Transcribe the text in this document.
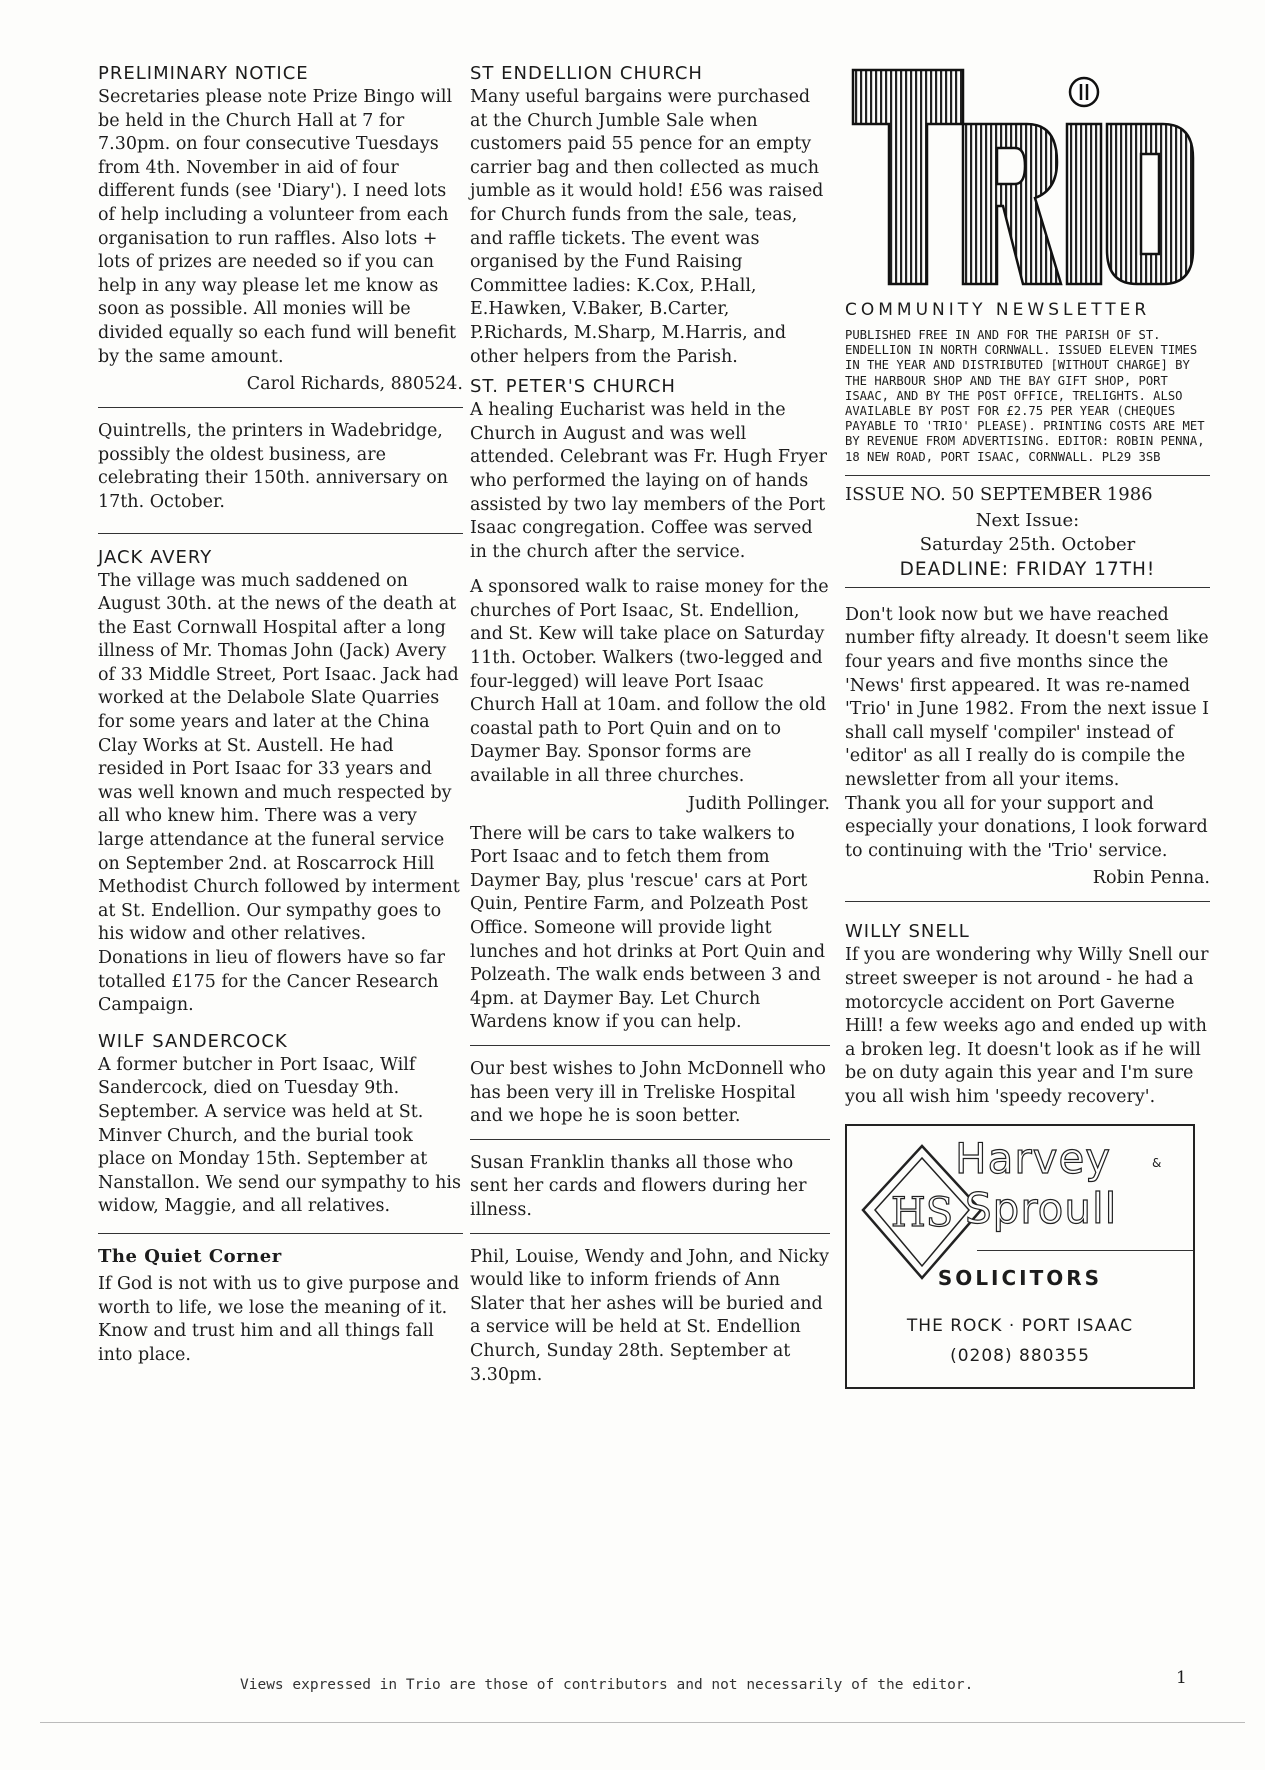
PRELIMINARY NOTICE

Secretaries please note Prize Bingo will be held in the Church Hall at 7 for 7.30pm. on four consecutive Tuesdays from 4th. November in aid of four different funds (see 'Diary'). I need lots of help including a volunteer from each organisation to run raffles. Also lots + lots of prizes are needed so if you can help in any way please let me know as soon as possible. All monies will be divided equally so each fund will benefit by the same amount.

Carol Richards, 880524.

Quintrells, the printers in Wadebridge, possibly the oldest business, are celebrating their 150th. anniversary on 17th. October.

JACK AVERY

The village was much saddened on August 30th. at the news of the death at the East Cornwall Hospital after a long illness of Mr. Thomas John (Jack) Avery of 33 Middle Street, Port Isaac. Jack had worked at the Delabole Slate Quarries for some years and later at the China Clay Works at St. Austell. He had resided in Port Isaac for 33 years and was well known and much respected by all who knew him. There was a very large attendance at the funeral service on September 2nd. at Roscarrock Hill Methodist Church followed by interment at St. Endellion. Our sympathy goes to his widow and other relatives.

Donations in lieu of flowers have so far totalled £175 for the Cancer Research Campaign.

WILF SANDERCOCK

A former butcher in Port Isaac, Wilf Sandercock, died on Tuesday 9th. September. A service was held at St. Minver Church, and the burial took place on Monday 15th. September at Nanstallon. We send our sympathy to his widow, Maggie, and all relatives.

The Quiet Corner

If God is not with us to give purpose and worth to life, we lose the meaning of it. Know and trust him and all things fall into place.

ST ENDELLION CHURCH

Many useful bargains were purchased at the Church Jumble Sale when customers paid 55 pence for an empty carrier bag and then collected as much jumble as it would hold! £56 was raised for Church funds from the sale, teas, and raffle tickets. The event was organised by the Fund Raising Committee ladies: K.Cox, P.Hall, E.Hawken, V.Baker, B.Carter, P.Richards, M.Sharp, M.Harris, and other helpers from the Parish.

ST. PETER'S CHURCH

A healing Eucharist was held in the Church in August and was well attended. Celebrant was Fr. Hugh Fryer who performed the laying on of hands assisted by two lay members of the Port Isaac congregation. Coffee was served in the church after the service.

A sponsored walk to raise money for the churches of Port Isaac, St. Endellion, and St. Kew will take place on Saturday 11th. October. Walkers (two-legged and four-legged) will leave Port Isaac Church Hall at 10am. and follow the old coastal path to Port Quin and on to Daymer Bay. Sponsor forms are available in all three churches.

Judith Pollinger.

There will be cars to take walkers to Port Isaac and to fetch them from Daymer Bay, plus 'rescue' cars at Port Quin, Pentire Farm, and Polzeath Post Office. Someone will provide light lunches and hot drinks at Port Quin and Polzeath. The walk ends between 3 and 4pm. at Daymer Bay. Let Church Wardens know if you can help.

Our best wishes to John McDonnell who has been very ill in Treliske Hospital and we hope he is soon better.

Susan Franklin thanks all those who sent her cards and flowers during her illness.

Phil, Louise, Wendy and John, and Nicky would like to inform friends of Ann Slater that her ashes will be buried and a service will be held at St. Endellion Church, Sunday 28th. September at 3.30pm.

COMMUNITY NEWSLETTER
PUBLISHED FREE IN AND FOR THE PARISH OF ST. ENDELLION IN NORTH CORNWALL. ISSUED ELEVEN TIMES IN THE YEAR AND DISTRIBUTED [WITHOUT CHARGE] BY THE HARBOUR SHOP AND THE BAY GIFT SHOP, PORT ISAAC, AND BY THE POST OFFICE, TRELIGHTS. ALSO AVAILABLE BY POST FOR £2.75 PER YEAR (CHEQUES PAYABLE TO 'TRIO' PLEASE). PRINTING COSTS ARE MET BY REVENUE FROM ADVERTISING. EDITOR: ROBIN PENNA, 18 NEW ROAD, PORT ISAAC, CORNWALL. PL29 3SB
ISSUE NO. 50 SEPTEMBER 1986
Next Issue:
Saturday 25th. October
DEADLINE: FRIDAY 17TH!

Don't look now but we have reached number fifty already. It doesn't seem like four years and five months since the 'News' first appeared. It was re-named 'Trio' in June 1982. From the next issue I shall call myself 'compiler' instead of 'editor' as all I really do is compile the newsletter from all your items.

Thank you all for your support and especially your donations, I look forward to continuing with the 'Trio' service.

Robin Penna.
WILLY SNELL

If you are wondering why Willy Snell our street sweeper is not around - he had a motorcycle accident on Port Gaverne Hill! a few weeks ago and ended up with a broken leg. It doesn't look as if he will be on duty again this year and I'm sure you all wish him 'speedy recovery'.

HS
Harvey	&
Sproull
SOLICITORS
THE ROCK · PORT ISAAC
(0208) 880355
Views expressed in Trio are those of contributors and not necessarily of the editor.	1
